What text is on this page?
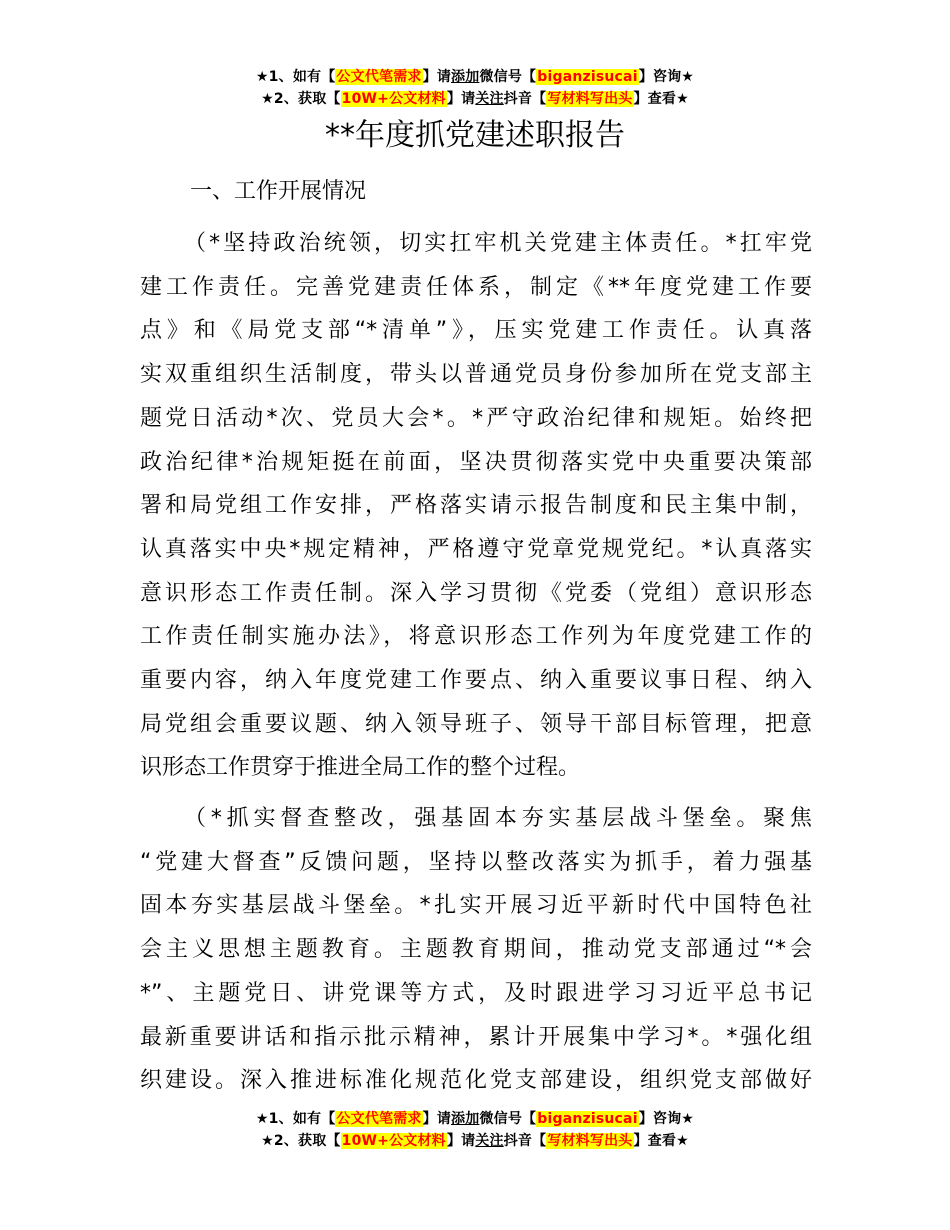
★1、如有【公文代笔需求】请添加微信号【biganzisucai】咨询★
★2、获取【10W+公文材料】请关注抖音【写材料写出头】查看★
**年度抓党建述职报告
一、工作开展情况
（*坚持政治统领，切实扛牢机关党建主体责任。*扛牢党
建工作责任。完善党建责任体系，制定《**年度党建工作要
点》和《局党支部“*清单”》，压实党建工作责任。认真落
实双重组织生活制度，带头以普通党员身份参加所在党支部主
题党日活动*次、党员大会*。*严守政治纪律和规矩。始终把
政治纪律*治规矩挺在前面，坚决贯彻落实党中央重要决策部
署和局党组工作安排，严格落实请示报告制度和民主集中制，
认真落实中央*规定精神，严格遵守党章党规党纪。*认真落实
意识形态工作责任制。深入学习贯彻《党委（党组）意识形态
工作责任制实施办法》，将意识形态工作列为年度党建工作的
重要内容，纳入年度党建工作要点、纳入重要议事日程、纳入
局党组会重要议题、纳入领导班子、领导干部目标管理，把意
识形态工作贯穿于推进全局工作的整个过程。
（*抓实督查整改，强基固本夯实基层战斗堡垒。聚焦
“党建大督查”反馈问题，坚持以整改落实为抓手，着力强基
固本夯实基层战斗堡垒。*扎实开展习近平新时代中国特色社
会主义思想主题教育。主题教育期间，推动党支部通过“*会
*”、主题党日、讲党课等方式，及时跟进学习习近平总书记
最新重要讲话和指示批示精神，累计开展集中学习*。*强化组
织建设。深入推进标准化规范化党支部建设，组织党支部做好
★1、如有【公文代笔需求】请添加微信号【biganzisucai】咨询★
★2、获取【10W+公文材料】请关注抖音【写材料写出头】查看★
